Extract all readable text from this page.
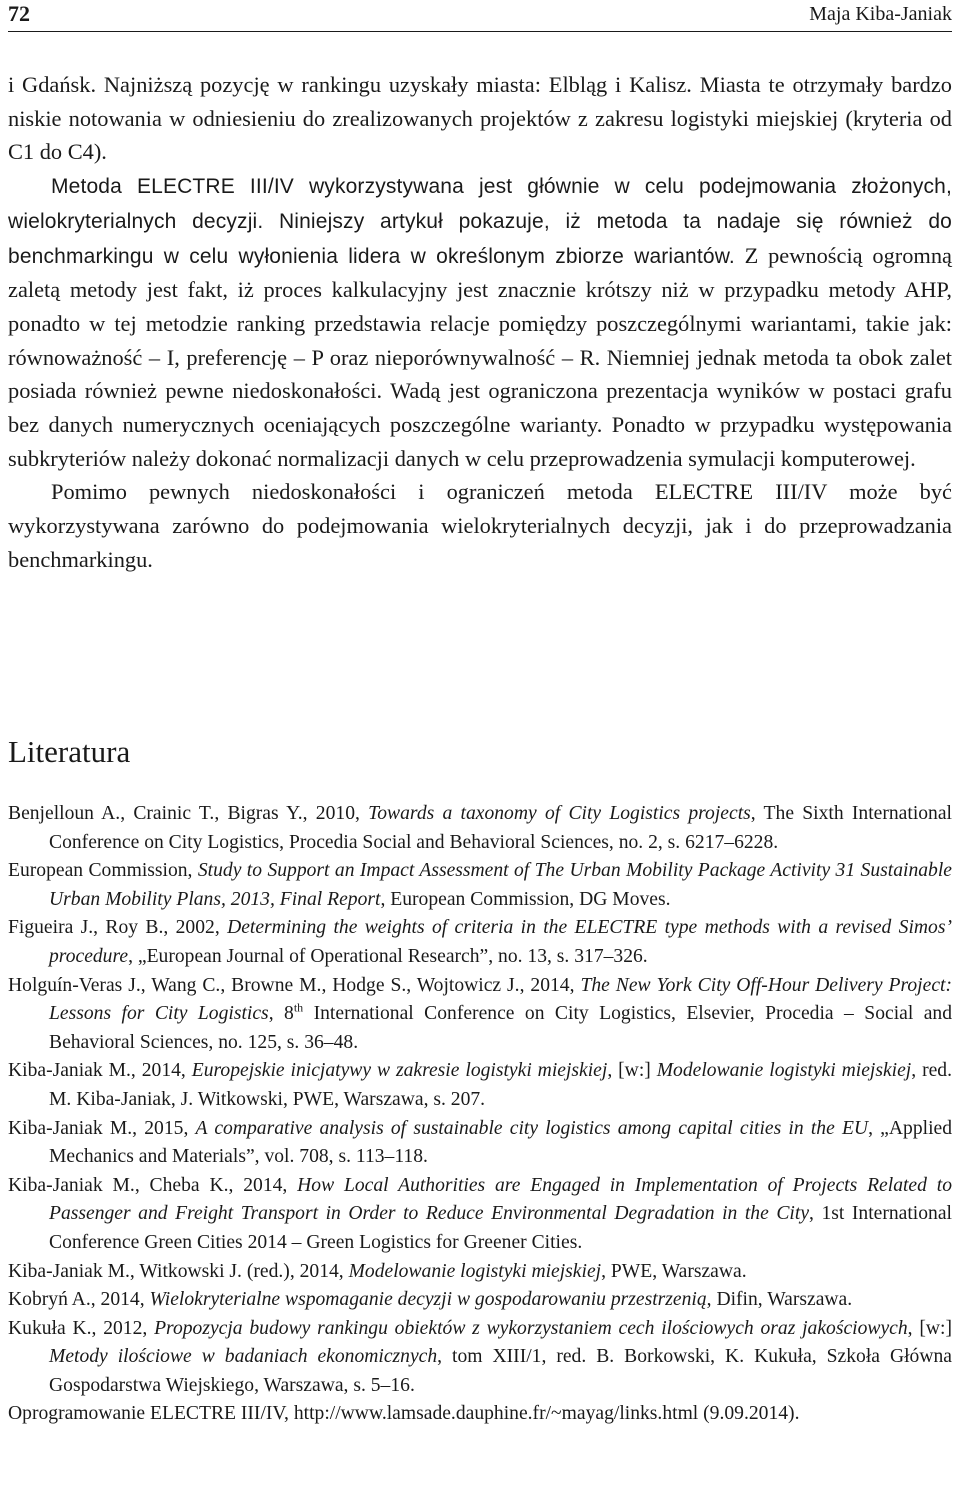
72	Maja Kiba-Janiak

i Gdańsk. Najniższą pozycję w rankingu uzyskały miasta: Elbląg i Kalisz. Miasta te otrzymały bardzo niskie notowania w odniesieniu do zrealizowanych projektów z zakresu logistyki miejskiej (kryteria od C1 do C4).

Metoda ELECTRE III/IV wykorzystywana jest głównie w celu podejmowania złożonych, wielokryterialnych decyzji. Niniejszy artykuł pokazuje, iż metoda ta nadaje się również do benchmarkingu w celu wyłonienia lidera w określonym zbiorze wariantów. Z pewnością ogromną zaletą metody jest fakt, iż proces kalkulacyjny jest znacznie krótszy niż w przypadku metody AHP, ponadto w tej metodzie ranking przedstawia relacje pomiędzy poszczególnymi wariantami, takie jak: równoważność – I, preferencję – P oraz nieporównywalność – R. Niemniej jednak metoda ta obok zalet posiada również pewne niedoskonałości. Wadą jest ograniczona prezentacja wyników w postaci grafu bez danych numerycznych oceniających poszczególne warianty. Ponadto w przypadku występowania subkryteriów należy dokonać normalizacji danych w celu przeprowadzenia symulacji komputerowej.

Pomimo pewnych niedoskonałości i ograniczeń metoda ELECTRE III/IV może być wykorzystywana zarówno do podejmowania wielokryterialnych decyzji, jak i do przeprowadzania benchmarkingu.

Literatura

Benjelloun A., Crainic T., Bigras Y., 2010, Towards a taxonomy of City Logistics projects, The Sixth International Conference on City Logistics, Procedia Social and Behavioral Sciences, no. 2, s. 6217–6228.

European Commission, Study to Support an Impact Assessment of The Urban Mobility Package Activity 31 Sustainable Urban Mobility Plans, 2013, Final Report, European Commission, DG Moves.

Figueira J., Roy B., 2002, Determining the weights of criteria in the ELECTRE type methods with a revised Simos’ procedure, „European Journal of Operational Research”, no. 13, s. 317–326.

Holguín-Veras J., Wang C., Browne M., Hodge S., Wojtowicz J., 2014, The New York City Off-Hour Delivery Project: Lessons for City Logistics, 8th International Conference on City Logistics, Elsevier, Procedia – Social and Behavioral Sciences, no. 125, s. 36–48.

Kiba-Janiak M., 2014, Europejskie inicjatywy w zakresie logistyki miejskiej, [w:] Modelowanie logistyki miejskiej, red. M. Kiba-Janiak, J. Witkowski, PWE, Warszawa, s. 207.

Kiba-Janiak M., 2015, A comparative analysis of sustainable city logistics among capital cities in the EU, „Applied Mechanics and Materials”, vol. 708, s. 113–118.

Kiba-Janiak M., Cheba K., 2014, How Local Authorities are Engaged in Implementation of Projects Related to Passenger and Freight Transport in Order to Reduce Environmental Degradation in the City, 1st International Conference Green Cities 2014 – Green Logistics for Greener Cities.

Kiba-Janiak M., Witkowski J. (red.), 2014, Modelowanie logistyki miejskiej, PWE, Warszawa.

Kobryń A., 2014, Wielokryterialne wspomaganie decyzji w gospodarowaniu przestrzenią, Difin, Warszawa.

Kukuła K., 2012, Propozycja budowy rankingu obiektów z wykorzystaniem cech ilościowych oraz jakościowych, [w:] Metody ilościowe w badaniach ekonomicznych, tom XIII/1, red. B. Borkowski, K. Kukuła, Szkoła Główna Gospodarstwa Wiejskiego, Warszawa, s. 5–16.

Oprogramowanie ELECTRE III/IV, http://www.lamsade.dauphine.fr/~mayag/links.html (9.09.2014).
